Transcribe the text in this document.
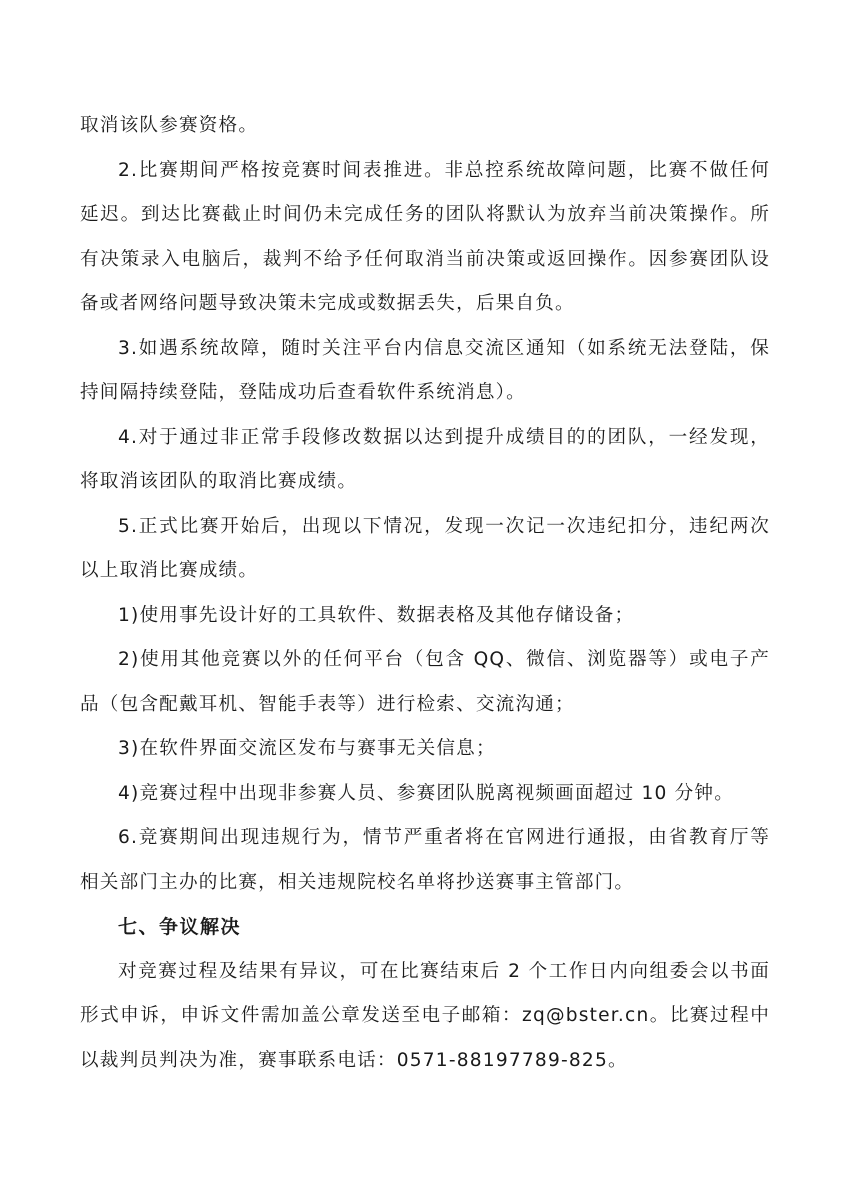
取消该队参赛资格。

2.比赛期间严格按竞赛时间表推进。非总控系统故障问题，比赛不做任何延迟。到达比赛截止时间仍未完成任务的团队将默认为放弃当前决策操作。所有决策录入电脑后，裁判不给予任何取消当前决策或返回操作。因参赛团队设备或者网络问题导致决策未完成或数据丢失，后果自负。

3.如遇系统故障，随时关注平台内信息交流区通知（如系统无法登陆，保持间隔持续登陆，登陆成功后查看软件系统消息）。

4.对于通过非正常手段修改数据以达到提升成绩目的的团队，一经发现，将取消该团队的取消比赛成绩。

5.正式比赛开始后，出现以下情况，发现一次记一次违纪扣分，违纪两次以上取消比赛成绩。

1)使用事先设计好的工具软件、数据表格及其他存储设备；

2)使用其他竞赛以外的任何平台（包含 QQ、微信、浏览器等）或电子产品（包含配戴耳机、智能手表等）进行检索、交流沟通；

3)在软件界面交流区发布与赛事无关信息；

4)竞赛过程中出现非参赛人员、参赛团队脱离视频画面超过 10 分钟。

6.竞赛期间出现违规行为，情节严重者将在官网进行通报，由省教育厅等相关部门主办的比赛，相关违规院校名单将抄送赛事主管部门。

七、争议解决

对竞赛过程及结果有异议，可在比赛结束后 2 个工作日内向组委会以书面形式申诉，申诉文件需加盖公章发送至电子邮箱：zq@bster.cn。比赛过程中以裁判员判决为准，赛事联系电话：0571-88197789-825。
